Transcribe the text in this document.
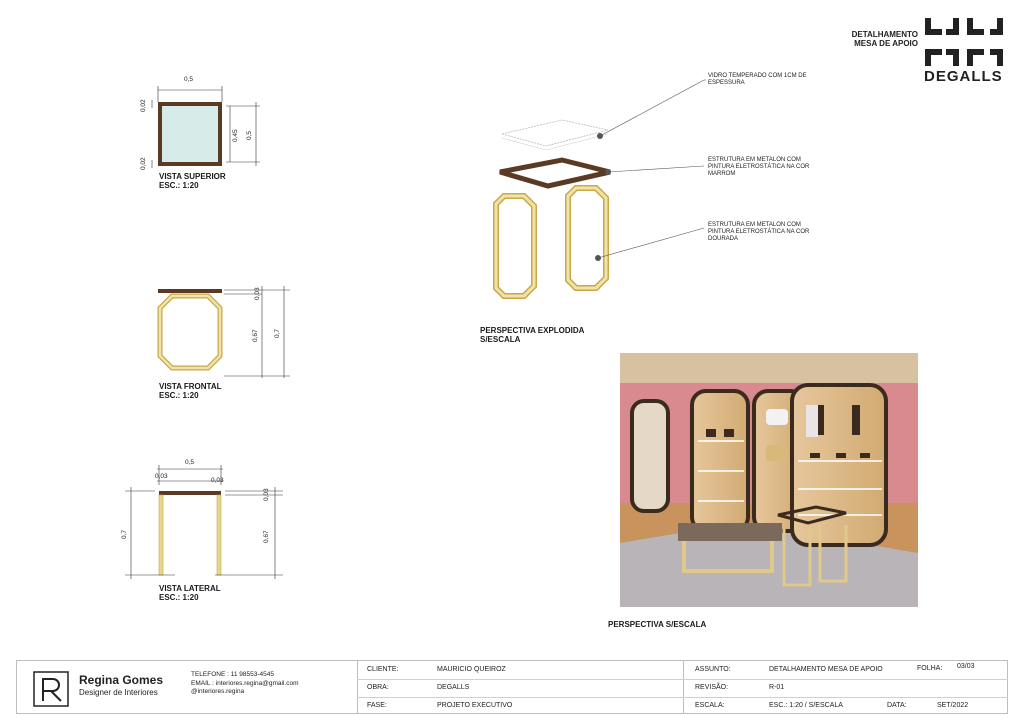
DETALHAMENTO
MESA DE APOIO
DEGALLS
0,5
0,02
0,02
0,45 0,5
VISTA SUPERIOR
ESC.: 1:20
0,03
0,67 0,7
VISTA FRONTAL
ESC.: 1:20
0,5
0,03
0,03
0,03
0,7	0,67
VISTA LATERAL
ESC.: 1:20
VIDRO TEMPERADO COM 1CM DE
ESPESSURA
ESTRUTURA EM METALON COM
PINTURA ELETROSTÁTICA NA COR
MARROM
ESTRUTURA EM METALON COM
PINTURA ELETROSTÁTICA NA COR
DOURADA
PERSPECTIVA EXPLODIDA
S/ESCALA
PERSPECTIVA S/ESCALA
Regina Gomes
Designer de Interiores
TELEFONE : 11 98553-4545
EMAIL : interiores.regina@gmail.com
@interiores.regina
CLIENTE:	MAURICIO QUEIROZ
OBRA:	DEGALLS
FASE:	PROJETO EXECUTIVO
ASSUNTO:	DETALHAMENTO MESA DE APOIO	FOLHA: 03/03
REVISÃO:	R-01
ESCALA:	ESC.: 1:20 / S/ESCALA	DATA:	SET/2022
